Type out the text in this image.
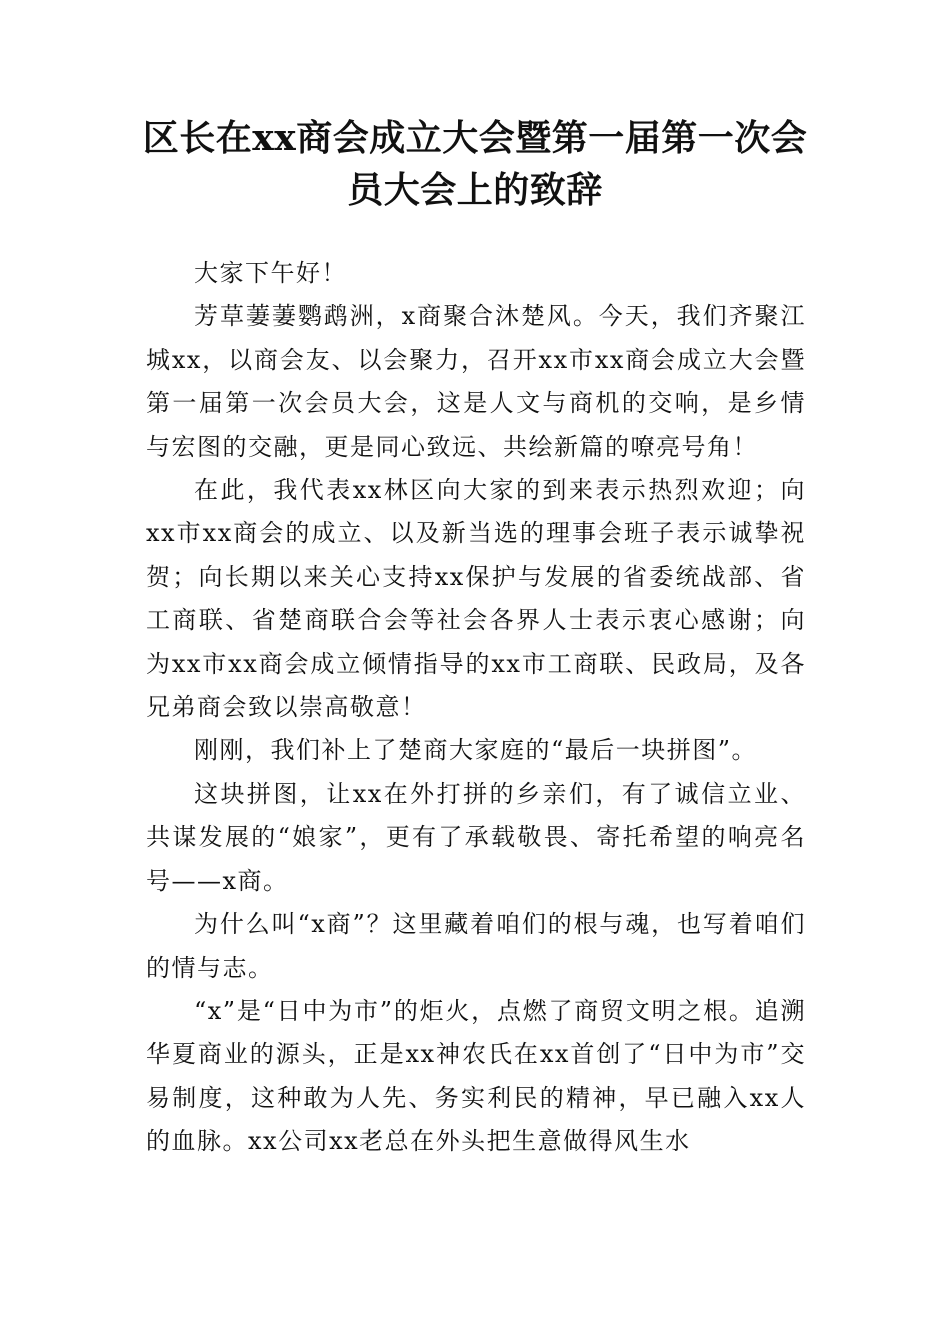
区长在xx商会成立大会暨第一届第一次会
员大会上的致辞

大家下午好！

芳草萋萋鹦鹉洲，x商聚合沐楚风。今天，我们齐聚江城xx，以商会友、以会聚力，召开xx市xx商会成立大会暨第一届第一次会员大会，这是人文与商机的交响，是乡情与宏图的交融，更是同心致远、共绘新篇的嘹亮号角！

在此，我代表xx林区向大家的到来表示热烈欢迎；向xx市xx商会的成立、以及新当选的理事会班子表示诚挚祝贺；向长期以来关心支持xx保护与发展的省委统战部、省工商联、省楚商联合会等社会各界人士表示衷心感谢；向为xx市xx商会成立倾情指导的xx市工商联、民政局，及各兄弟商会致以崇高敬意！

刚刚，我们补上了楚商大家庭的“最后一块拼图”。

这块拼图，让xx在外打拼的乡亲们，有了诚信立业、共谋发展的“娘家”，更有了承载敬畏、寄托希望的响亮名号——x商。

为什么叫“x商”？这里藏着咱们的根与魂，也写着咱们的情与志。

“x”是“日中为市”的炬火，点燃了商贸文明之根。追溯华夏商业的源头，正是xx神农氏在xx首创了“日中为市”交易制度，这种敢为人先、务实利民的精神，早已融入xx人的血脉。xx公司xx老总在外头把生意做得风生水
